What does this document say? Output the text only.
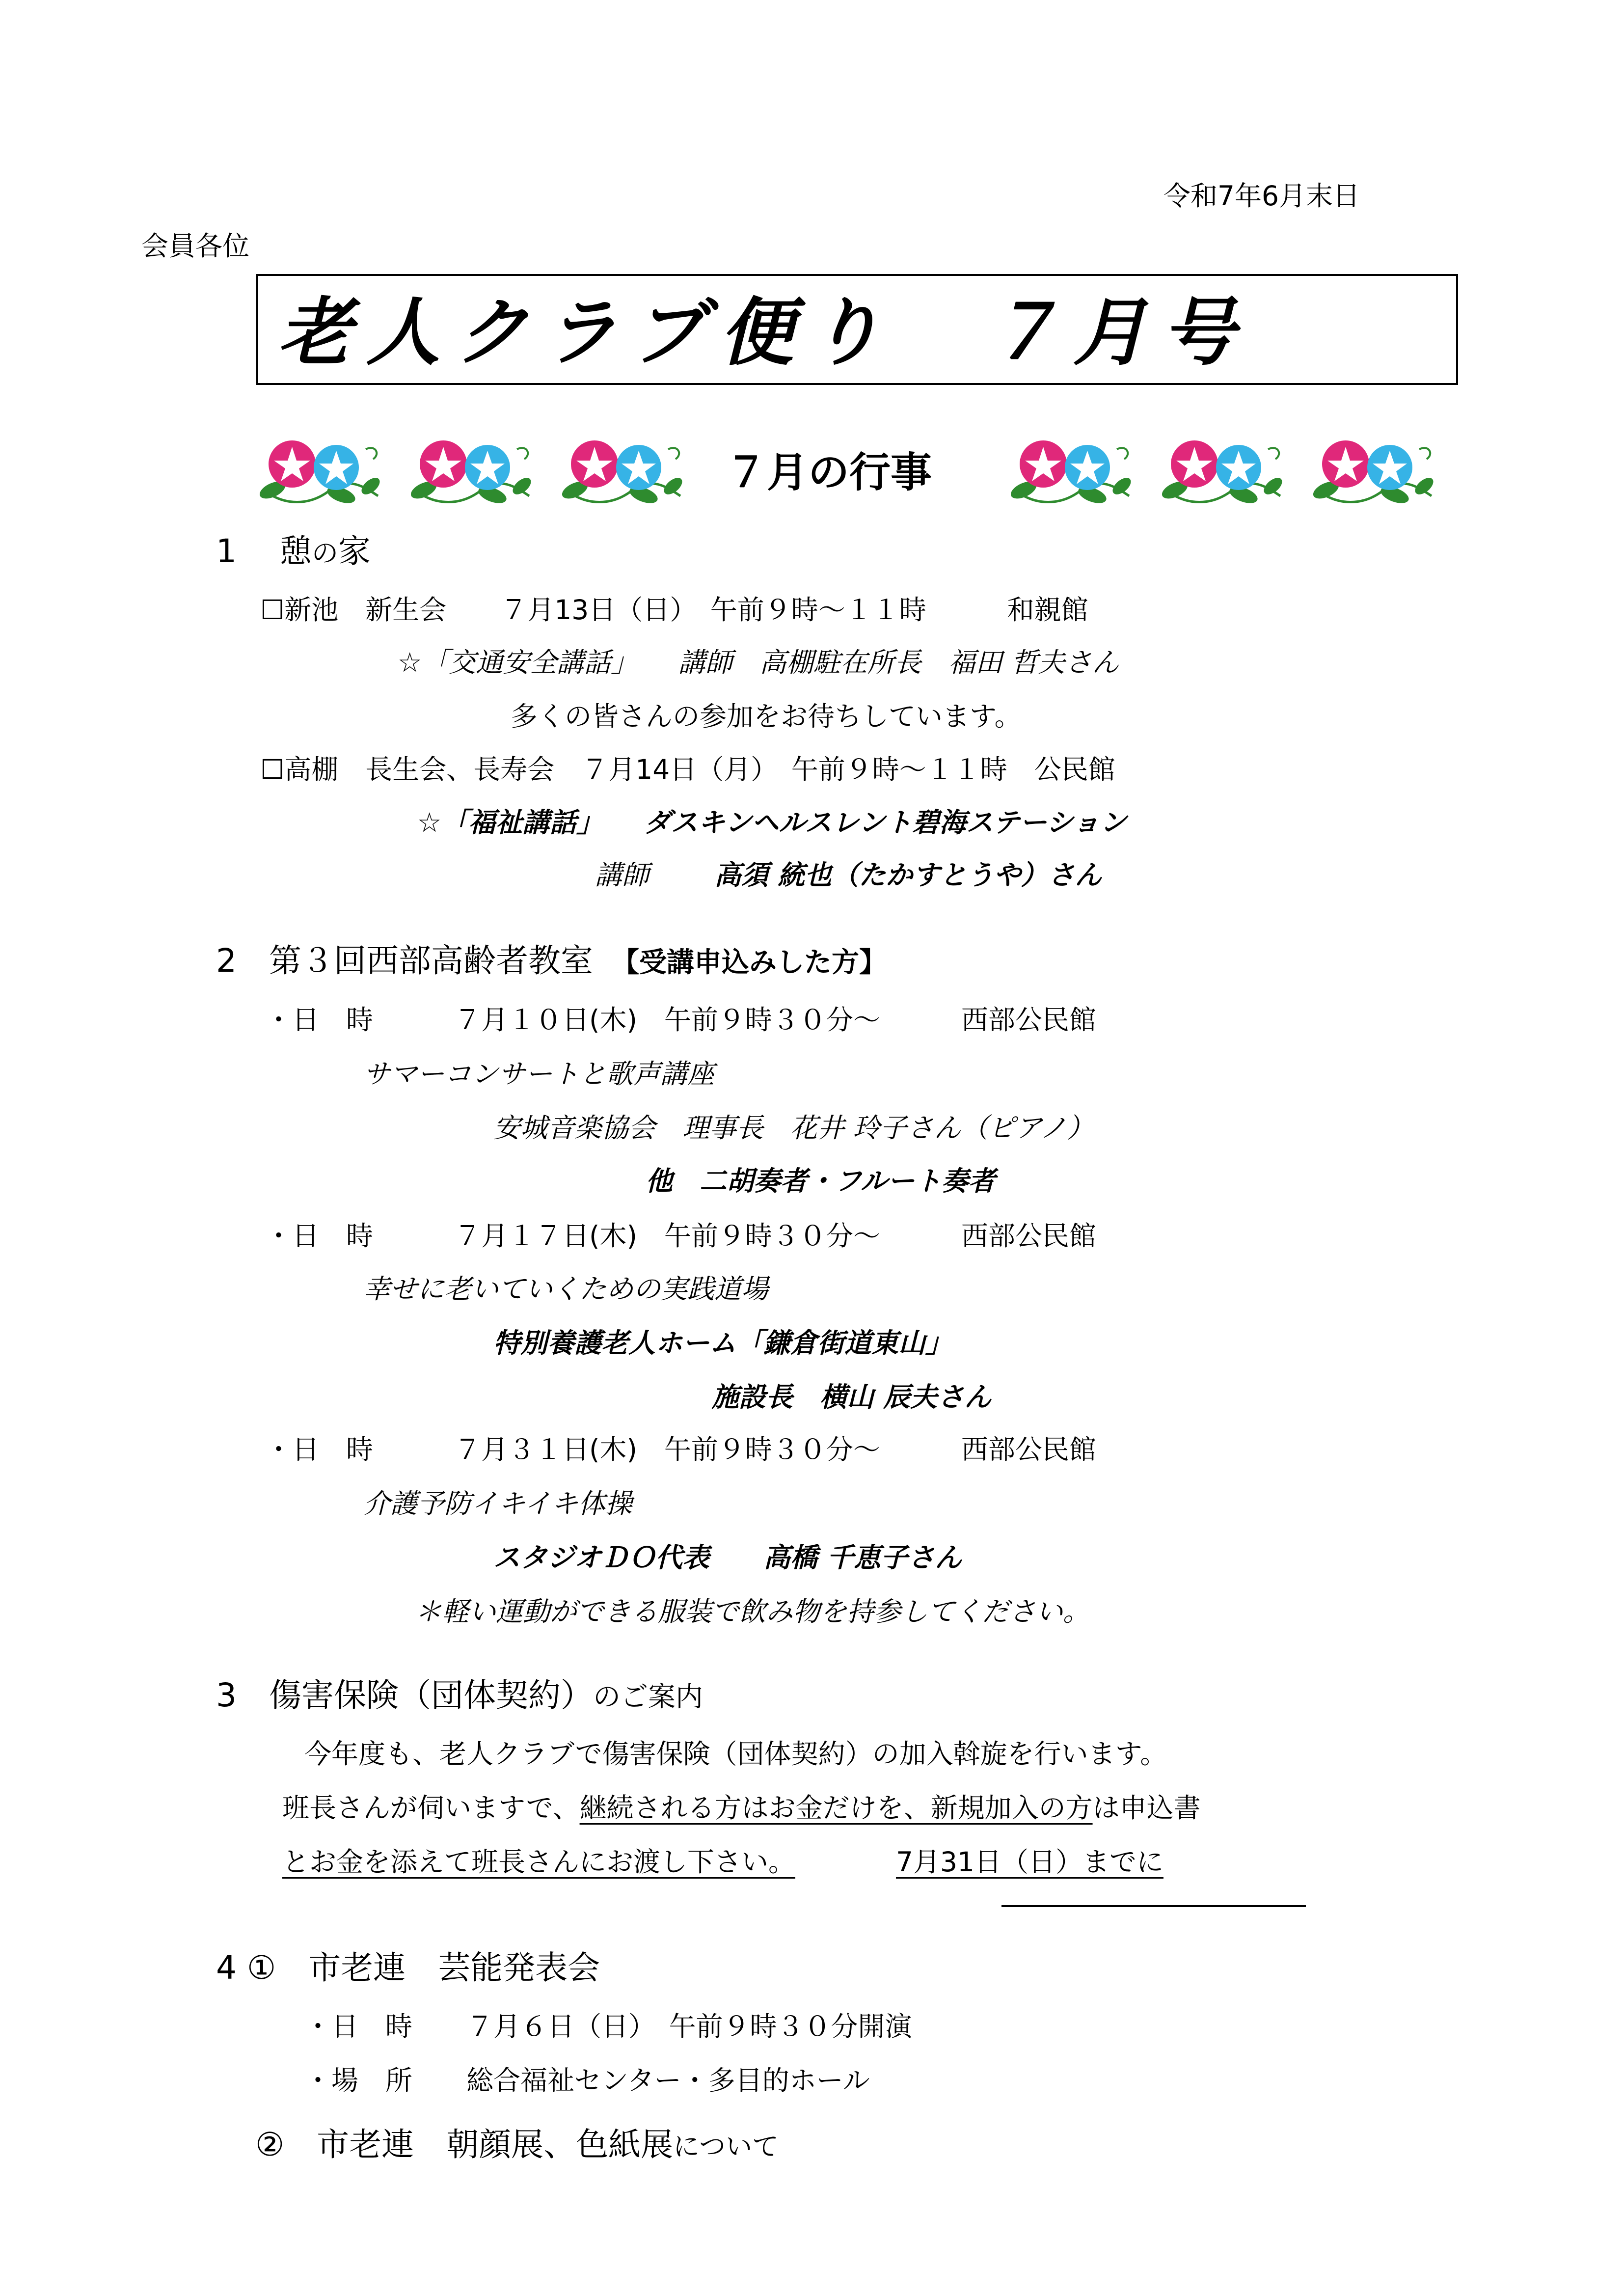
令和7年6月末日
会員各位
老人クラブ便り　７月号
７月の行事
1　 憩の家
☐新池　新生会　　７月13日（日）　午前９時～１１時　　　和親館
☆「交通安全講話」　　講師　高棚駐在所長　福田 哲夫さん
多くの皆さんの参加をお待ちしています。
☐高棚　長生会、長寿会　７月14日（月）　午前９時～１１時　公民館
☆「福祉講話」　　ダスキンヘルスレント碧海ステーション
講師 高須 統也（たかすとうや）さん
2　第３回西部高齢者教室　 【受講申込みした方】
・日　時　　　７月１０日(木)　午前９時３０分～　　　西部公民館
サマーコンサートと歌声講座
安城音楽協会　理事長　花井 玲子さん（ピアノ）
他　二胡奏者・フルート奏者
・日　時　　　７月１７日(木)　午前９時３０分～　　　西部公民館
幸せに老いていくための実践道場
特別養護老人ホーム「鎌倉街道東山」
施設長　横山 辰夫さん
・日　時　　　７月３１日(木)　午前９時３０分～　　　西部公民館
介護予防イキイキ体操
スタジオＤＯ代表　　高橋 千恵子さん
＊軽い運動ができる服装で飲み物を持参してください。
3　傷害保険（団体契約）のご案内
今年度も、老人クラブで傷害保険（団体契約）の加入斡旋を行います。
班長さんが伺いますで、継続される方はお金だけを、新規加入の方は申込書
とお金を添えて班長さんにお渡し下さい。	7月31日（日）までに
4 ①　 市老連　芸能発表会
・日　時　　７月６日（日）　午前９時３０分開演
・場　所　　総合福祉センター・多目的ホール
②　 市老連　朝顔展、色紙展について
